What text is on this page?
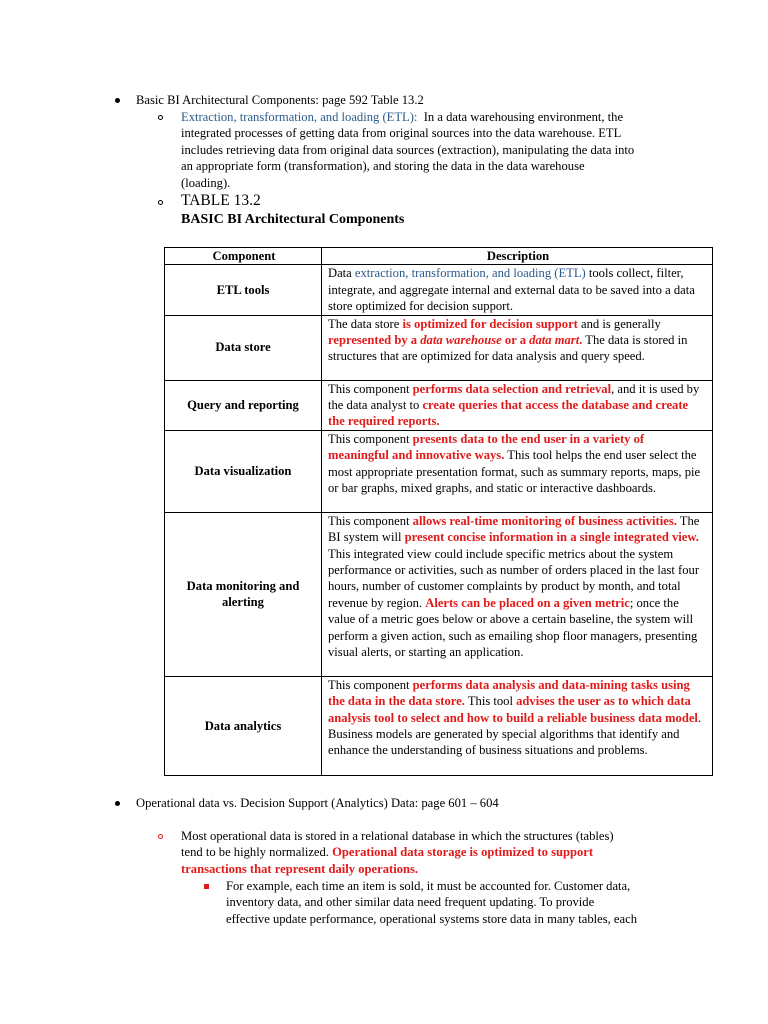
Basic BI Architectural Components: page 592 Table 13.2
Extraction, transformation, and loading (ETL): In a data warehousing environment, the
integrated processes of getting data from original sources into the data warehouse. ETL
includes retrieving data from original data sources (extraction), manipulating the data into
an appropriate form (transformation), and storing the data in the data warehouse
(loading).
TABLE 13.2
BASIC BI Architectural Components
Component	Description
ETL tools	Data extraction, transformation, and loading (ETL) tools collect, filter, integrate, and aggregate internal and external data to be saved into a data store optimized for decision support.
Data store	The data store is optimized for decision support and is generally represented by a data warehouse or a data mart. The data is stored in structures that are optimized for data analysis and query speed.
Query and reporting	This component performs data selection and retrieval, and it is used by the data analyst to create queries that access the database and create the required reports.
Data visualization	This component presents data to the end user in a variety of meaningful and innovative ways. This tool helps the end user select the most appropriate presentation format, such as summary reports, maps, pie or bar graphs, mixed graphs, and static or interactive dashboards.
Data monitoring and alerting	This component allows real-time monitoring of business activities. The BI system will present concise information in a single integrated view. This integrated view could include specific metrics about the system performance or activities, such as number of orders placed in the last four hours, number of customer complaints by product by month, and total revenue by region. Alerts can be placed on a given metric; once the value of a metric goes below or above a certain baseline, the system will perform a given action, such as emailing shop floor managers, presenting visual alerts, or starting an application.
Data analytics	This component performs data analysis and data-mining tasks using the data in the data store. This tool advises the user as to which data analysis tool to select and how to build a reliable business data model. Business models are generated by special algorithms that identify and enhance the understanding of business situations and problems.
Operational data vs. Decision Support (Analytics) Data: page 601 – 604
Most operational data is stored in a relational database in which the structures (tables)
tend to be highly normalized. Operational data storage is optimized to support
transactions that represent daily operations.
For example, each time an item is sold, it must be accounted for. Customer data,
inventory data, and other similar data need frequent updating. To provide
effective update performance, operational systems store data in many tables, each
